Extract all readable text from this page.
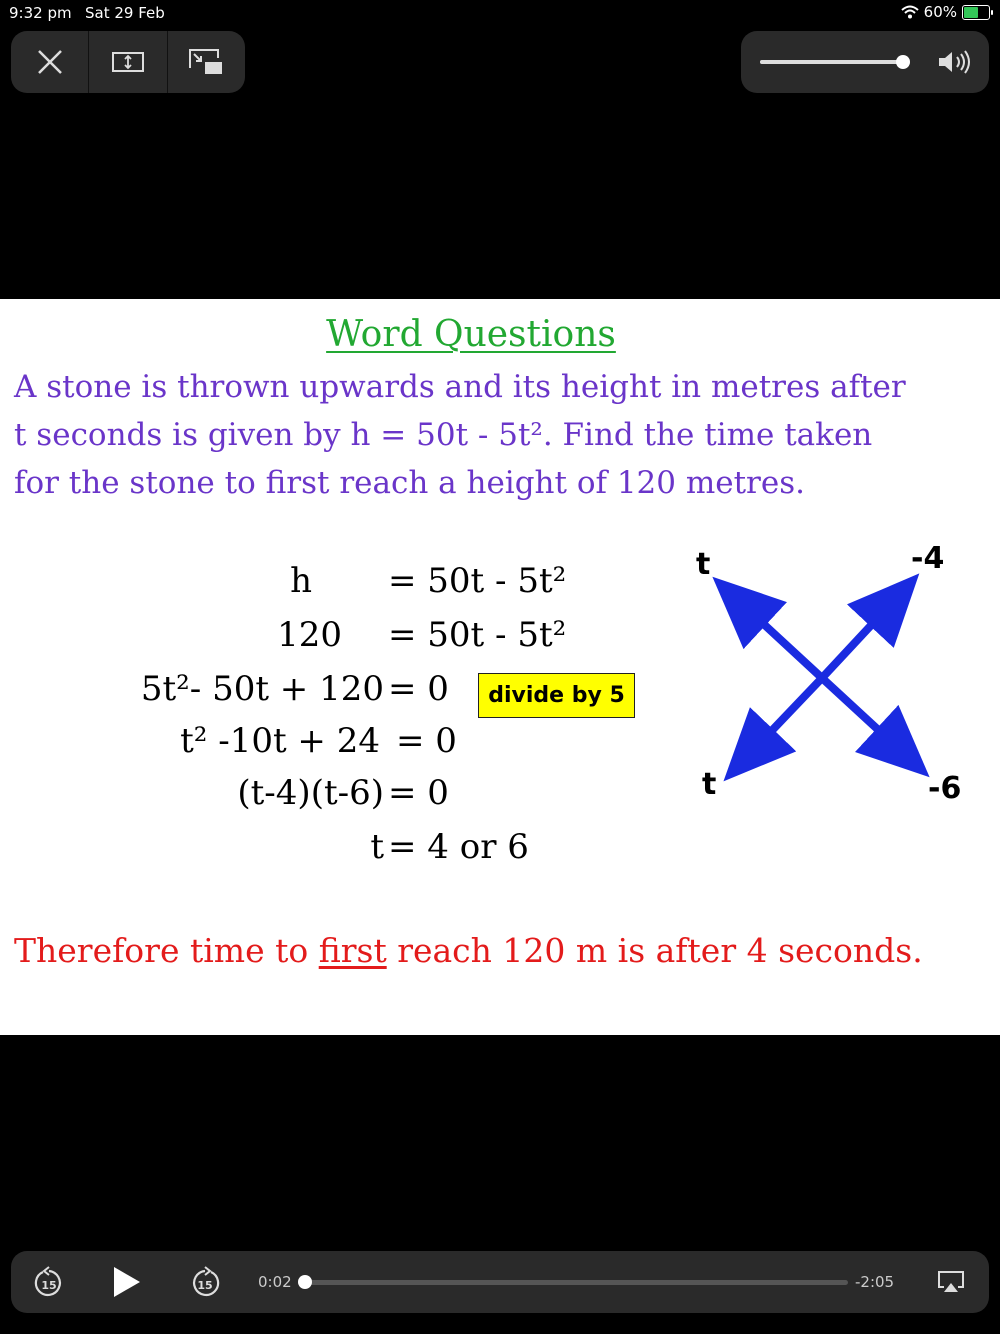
9:32 pm Sat 29 Feb	60%
Word Questions
A stone is thrown upwards and its height in metres after
t seconds is given by h = 50t - 5t². Find the time taken
for the stone to first reach a height of 120 metres.
h = 50t - 5t²
120 = 50t - 5t²
5t²- 50t + 120 = 0	divide by 5
t² -10t + 24 = 0
(t-4)(t-6) = 0
t = 4 or 6
t	-4
t	-6
Therefore time to first reach 120 m is after 4 seconds.
15	15	0:02	-2:05
